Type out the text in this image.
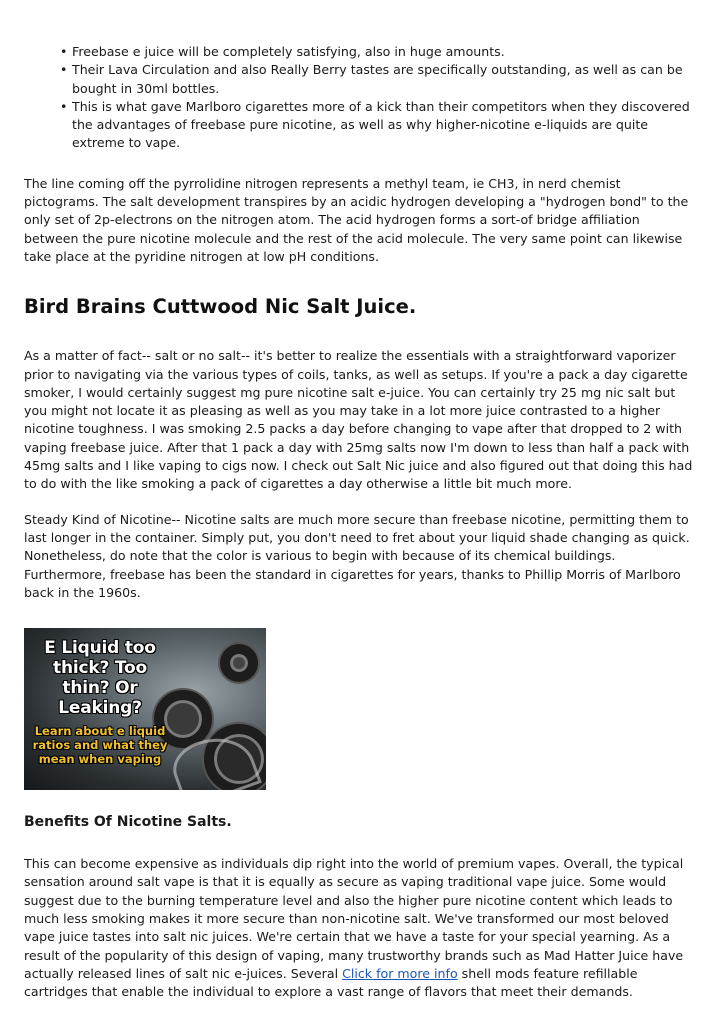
• Freebase e juice will be completely satisfying, also in huge amounts.
• Their Lava Circulation and also Really Berry tastes are specifically outstanding, as well as can be bought in 30ml bottles.
• This is what gave Marlboro cigarettes more of a kick than their competitors when they discovered the advantages of freebase pure nicotine, as well as why higher-nicotine e-liquids are quite extreme to vape.

The line coming off the pyrrolidine nitrogen represents a methyl team, ie CH3, in nerd chemist pictograms. The salt development transpires by an acidic hydrogen developing a "hydrogen bond" to the only set of 2p-electrons on the nitrogen atom. The acid hydrogen forms a sort-of bridge affiliation between the pure nicotine molecule and the rest of the acid molecule. The very same point can likewise take place at the pyridine nitrogen at low pH conditions.

Bird Brains Cuttwood Nic Salt Juice.

As a matter of fact-- salt or no salt-- it's better to realize the essentials with a straightforward vaporizer prior to navigating via the various types of coils, tanks, as well as setups. If you're a pack a day cigarette smoker, I would certainly suggest mg pure nicotine salt e-juice. You can certainly try 25 mg nic salt but you might not locate it as pleasing as well as you may take in a lot more juice contrasted to a higher nicotine toughness. I was smoking 2.5 packs a day before changing to vape after that dropped to 2 with vaping freebase juice. After that 1 pack a day with 25mg salts now I'm down to less than half a pack with 45mg salts and I like vaping to cigs now. I check out Salt Nic juice and also figured out that doing this had to do with the like smoking a pack of cigarettes a day otherwise a little bit much more.

Steady Kind of Nicotine-- Nicotine salts are much more secure than freebase nicotine, permitting them to last longer in the container. Simply put, you don't need to fret about your liquid shade changing as quick. Nonetheless, do note that the color is various to begin with because of its chemical buildings. Furthermore, freebase has been the standard in cigarettes for years, thanks to Phillip Morris of Marlboro back in the 1960s.

E Liquid too thick? Too thin? Or Leaking?
Learn about e liquid ratios and what they mean when vaping
Benefits Of Nicotine Salts.

This can become expensive as individuals dip right into the world of premium vapes. Overall, the typical sensation around salt vape is that it is equally as secure as vaping traditional vape juice. Some would suggest due to the burning temperature level and also the higher pure nicotine content which leads to much less smoking makes it more secure than non-nicotine salt. We've transformed our most beloved vape juice tastes into salt nic juices. We're certain that we have a taste for your special yearning. As a result of the popularity of this design of vaping, many trustworthy brands such as Mad Hatter Juice have actually released lines of salt nic e-juices. Several Click for more info shell mods feature refillable cartridges that enable the individual to explore a vast range of flavors that meet their demands.
